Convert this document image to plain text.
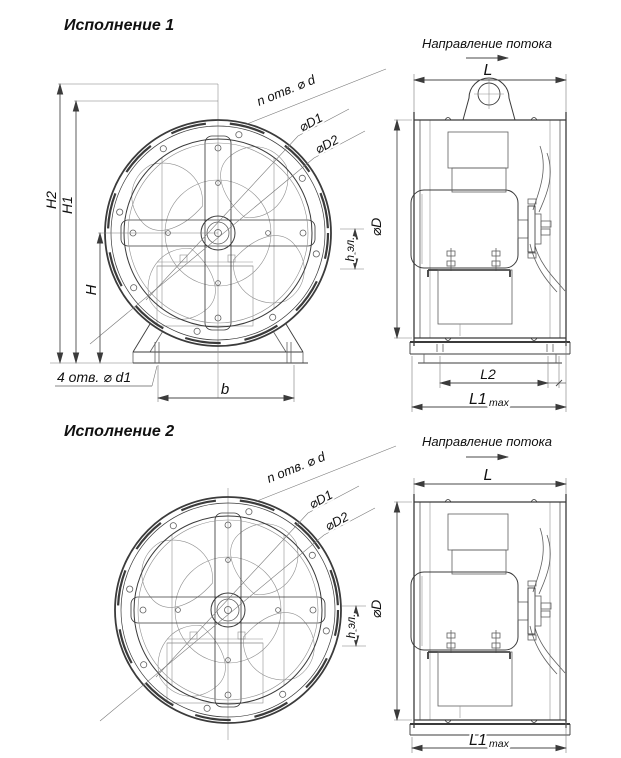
Исполнение 1
n отв. ⌀ d
⌀D1
⌀D2
H2 H1
H
4 отв. ⌀ d1
b
h эл.
Направление потока
L
⌀D
L2
L1 max
Исполнение 2
n отв. ⌀ d
⌀D1
⌀D2
h эл.
Направление потока
L
⌀D
L1 max
